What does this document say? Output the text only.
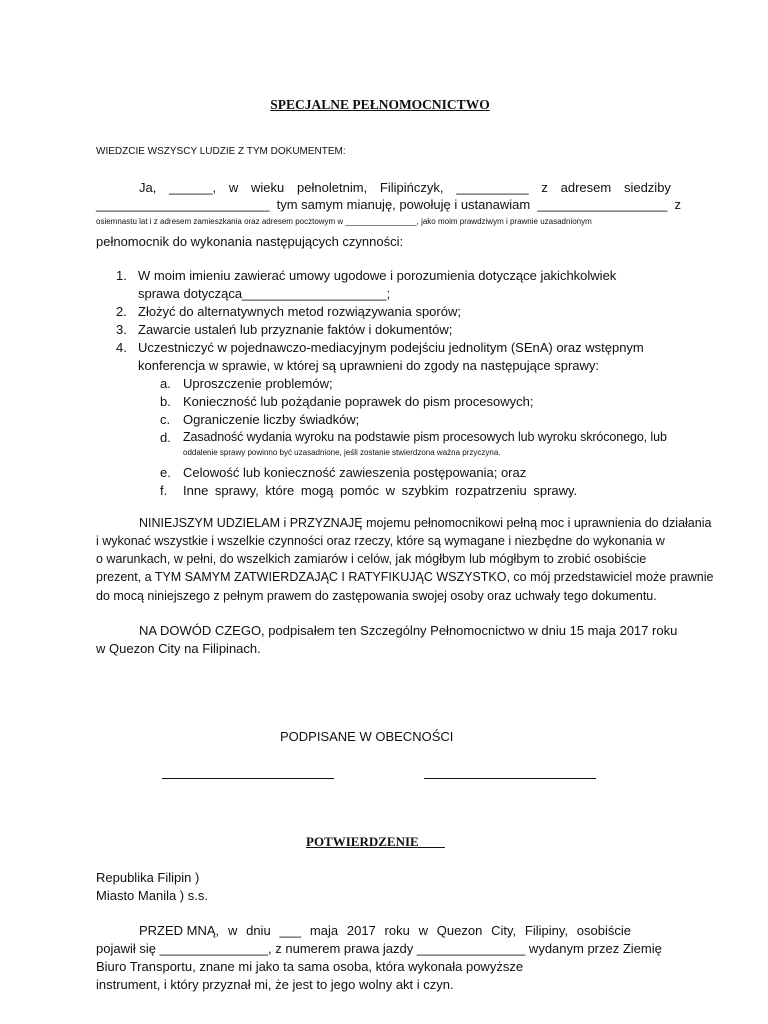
SPECJALNE PEŁNOMOCNICTWO
WIEDZCIE WSZYSCY LUDZIE Z TYM DOKUMENTEM:
Ja, ______, w wieku pełnoletnim, Filipińczyk, __________ z adresem siedziby
________________________ tym samym mianuję, powołuję i ustanawiam __________________ z
osiemnastu lat i z adresem zamieszkania oraz adresem pocztowym w ________________, jako moim prawdziwym i prawnie uzasadnionym
pełnomocnik do wykonania następujących czynności:
1. W moim imieniu zawierać umowy ugodowe i porozumienia dotyczące jakichkolwiek
sprawa dotycząca____________________;
2. Złożyć do alternatywnych metod rozwiązywania sporów;
3. Zawarcie ustaleń lub przyznanie faktów i dokumentów;
4. Uczestniczyć w pojednawczo-mediacyjnym podejściu jednolitym (SEnA) oraz wstępnym
konferencja w sprawie, w której są uprawnieni do zgody na następujące sprawy:
a. Uproszczenie problemów;
b. Konieczność lub pożądanie poprawek do pism procesowych;
c. Ograniczenie liczby świadków;
d. Zasadność wydania wyroku na podstawie pism procesowych lub wyroku skróconego, lub
oddalenie sprawy powinno być uzasadnione, jeśli zostanie stwierdzona ważna przyczyna.
e. Celowość lub konieczność zawieszenia postępowania; oraz
f. Inne sprawy, które mogą pomóc w szybkim rozpatrzeniu sprawy.
NINIEJSZYM UDZIELAM i PRZYZNAJĘ mojemu pełnomocnikowi pełną moc i uprawnienia do działania
i wykonać wszystkie i wszelkie czynności oraz rzeczy, które są wymagane i niezbędne do wykonania w
o warunkach, w pełni, do wszelkich zamiarów i celów, jak mógłbym lub mógłbym to zrobić osobiście
prezent, a TYM SAMYM ZATWIERDZAJĄC I RATYFIKUJĄC WSZYSTKO, co mój przedstawiciel może prawnie
do mocą niniejszego z pełnym prawem do zastępowania swojej osoby oraz uchwały tego dokumentu.
NA DOWÓD CZEGO, podpisałem ten Szczególny Pełnomocnictwo w dniu 15 maja 2017 roku
w Quezon City na Filipinach.
PODPISANE W OBECNOŚCI
POTWIERDZENIE____
Republika Filipin )
Miasto Manila ) s.s.
PRZED MNĄ, w dniu ___ maja 2017 roku w Quezon City, Filipiny, osobiście
pojawił się _______________, z numerem prawa jazdy _______________ wydanym przez Ziemię
Biuro Transportu, znane mi jako ta sama osoba, która wykonała powyższe
instrument, i który przyznał mi, że jest to jego wolny akt i czyn.
